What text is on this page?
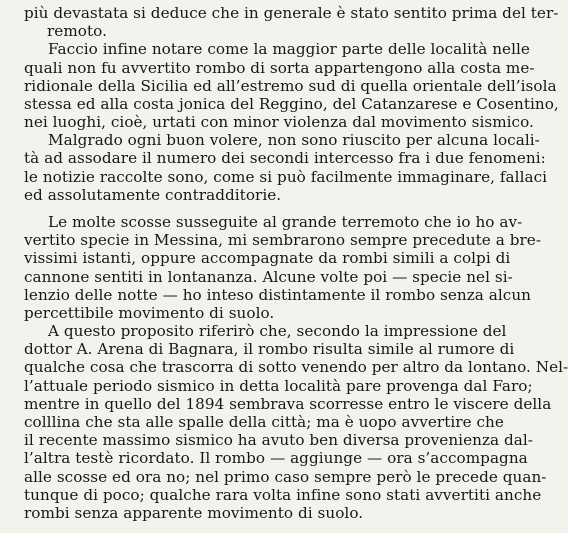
più devastata si deduce che in generale è stato sentito prima del ter-
remoto.
Faccio infine notare come la maggior parte delle località nelle
quali non fu avvertito rombo di sorta appartengono alla costa me-
ridionale della Sicilia ed all’estremo sud di quella orientale dell’isola
stessa ed alla costa jonica del Reggino, del Catanzarese e Cosentino,
nei luoghi, cioè, urtati con minor violenza dal movimento sismico.
Malgrado ogni buon volere, non sono riuscito per alcuna locali-
tà ad assodare il numero dei secondi intercesso fra i due fenomeni:
le notizie raccolte sono, come si può facilmente immaginare, fallaci
ed assolutamente contradditorie.
Le molte scosse susseguite al grande terremoto che io ho av-
vertito specie in Messina, mi sembrarono sempre precedute a bre-
vissimi istanti, oppure accompagnate da rombi simili a colpi di
cannone sentiti in lontananza. Alcune volte poi — specie nel si-
lenzio delle notte — ho inteso distintamente il rombo senza alcun
percettibile movimento di suolo.
A questo proposito riferirò che, secondo la impressione del
dottor A. Arena di Bagnara, il rombo risulta simile al rumore di
qualche cosa che trascorra di sotto venendo per altro da lontano. Nel-
l’attuale periodo sismico in detta località pare provenga dal Faro;
mentre in quello del 1894 sembrava scorresse entro le viscere della
colllina che sta alle spalle della città; ma è uopo avvertire che
il recente massimo sismico ha avuto ben diversa provenienza dal-
l’altra testè ricordato. Il rombo — aggiunge — ora s’accompagna
alle scosse ed ora no; nel primo caso sempre però le precede quan-
tunque di poco; qualche rara volta infine sono stati avvertiti anche
rombi senza apparente movimento di suolo.
